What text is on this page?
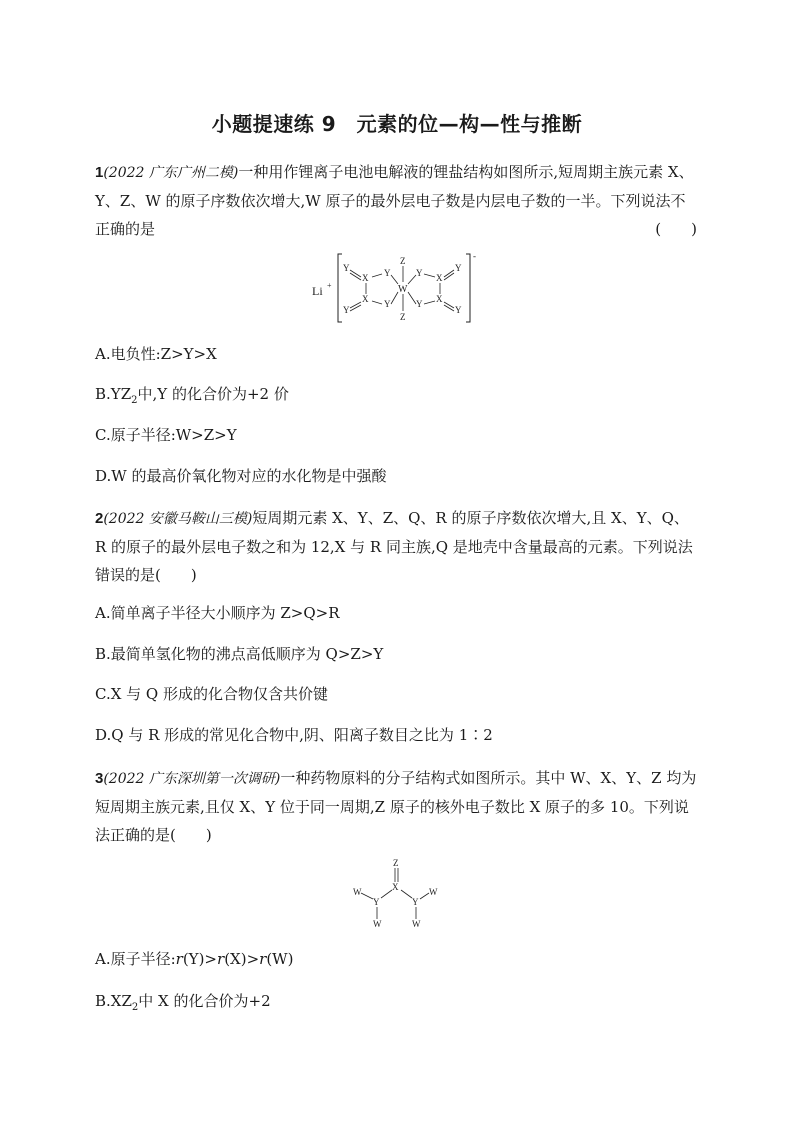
小题提速练 9　元素的位—构—性与推断
1(2022 广东广州二模)一种用作锂离子电池电解液的锂盐结构如图所示,短周期主族元素 X、Y、Z、W 的原子序数依次增大,W 原子的最外层电子数是内层电子数的一半。下列说法不正确的是	(　　)
Li +
-
Y
X Y
Y
X Y
Z
W
Z
Y X
Y
Y X
Y
A.电负性:Z>Y>X
$B.YZ_2$中,Y 的化合价为+2 价
C.原子半径:W>Z>Y
D.W 的最高价氧化物对应的水化物是中强酸
2(2022 安徽马鞍山三模)短周期元素 X、Y、Z、Q、R 的原子序数依次增大,且 X、Y、Q、R 的原子的最外层电子数之和为 12,X 与 R 同主族,Q 是地壳中含量最高的元素。下列说法错误的是(　　)
A.简单离子半径大小顺序为 Z>Q>R
B.最简单氢化物的沸点高低顺序为 Q>Z>Y
C.X 与 Q 形成的化合物仅含共价键
D.Q 与 R 形成的常见化合物中,阴、阳离子数目之比为 1∶2
3(2022 广东深圳第一次调研)一种药物原料的分子结构式如图所示。其中 W、X、Y、Z 均为短周期主族元素,且仅 X、Y 位于同一周期,Z 原子的核外电子数比 X 原子的多 10。下列说法正确的是(　　)
Z
X
Y	Y
W	W
W	W
A.原子半径:r(Y)>r(X)>r(W)
$B.XZ_2$中 X 的化合价为+2
